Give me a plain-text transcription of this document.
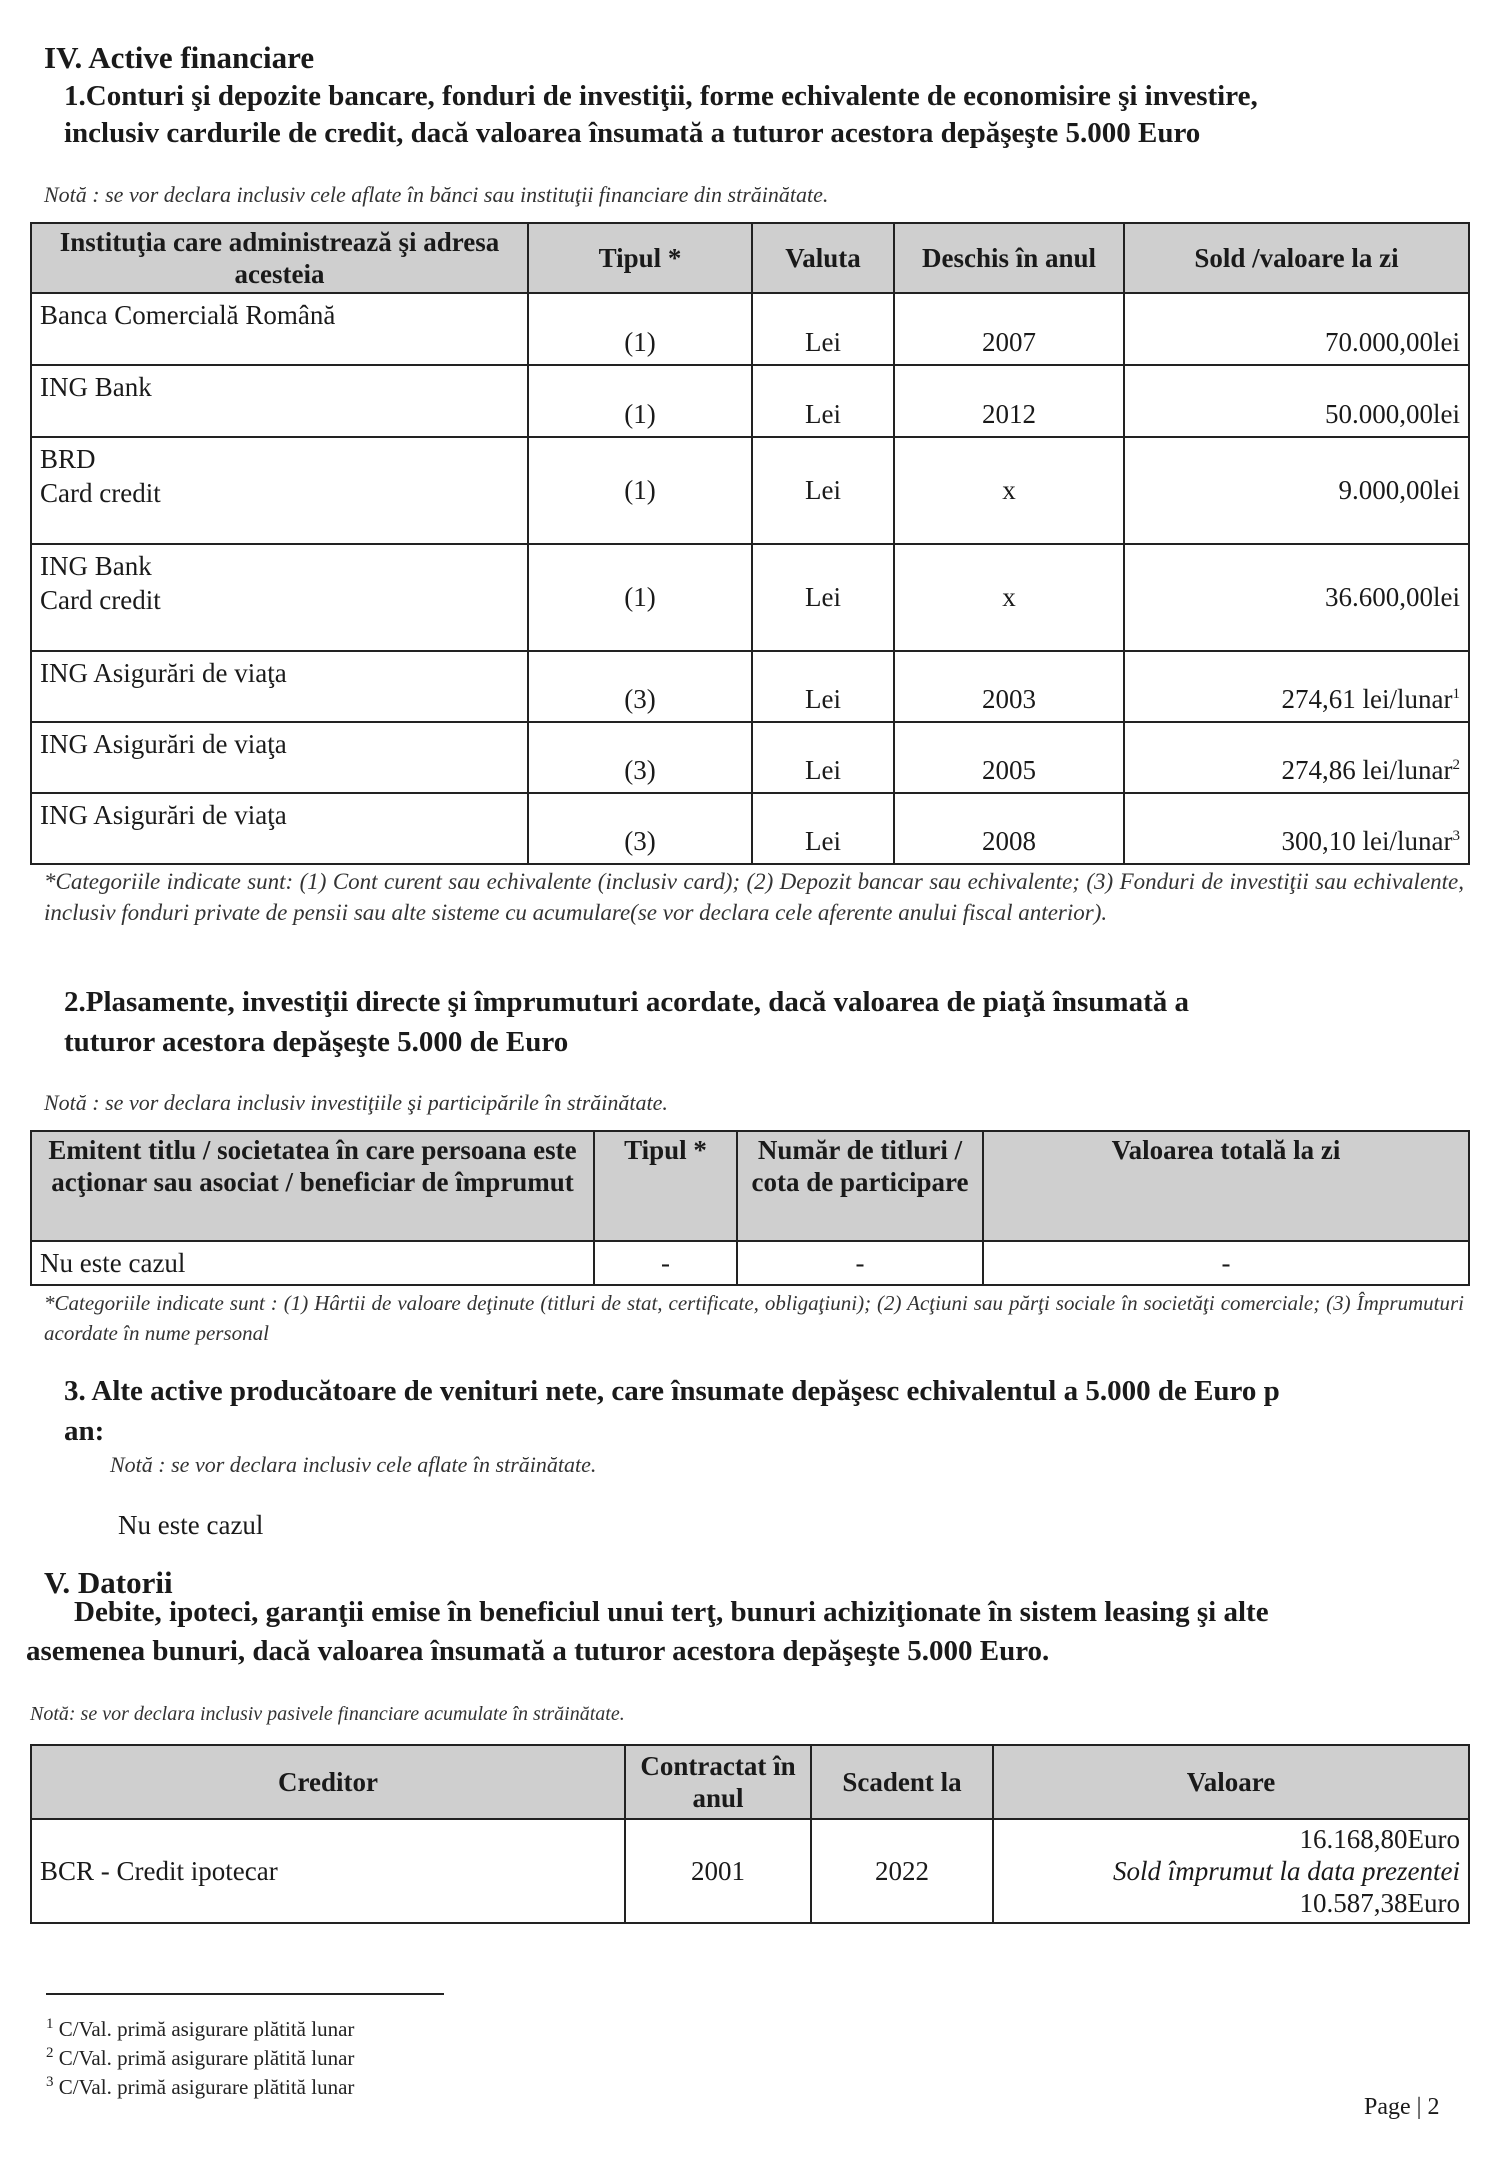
IV. Active financiare
1.Conturi şi depozite bancare, fonduri de investiţii, forme echivalente de economisire şi investire,
inclusiv cardurile de credit, dacă valoarea însumată a tuturor acestora depăşeşte 5.000 Euro
Notă : se vor declara inclusiv cele aflate în bănci sau instituţii financiare din străinătate.
Instituţia care administrează şi adresa acesteia	Tipul *	Valuta	Deschis în anul	Sold /valoare la zi
Banca Comercială Română	(1)	Lei	2007	70.000,00lei
ING Bank	(1)	Lei	2012	50.000,00lei
BRD
Card credit	(1)	Lei	x	9.000,00lei
ING Bank
Card credit	(1)	Lei	x	36.600,00lei
ING Asigurări de viaţa	(3)	Lei	2003	274,61 lei/lunar$^1$
ING Asigurări de viaţa	(3)	Lei	2005	274,86 lei/lunar$^2$
ING Asigurări de viaţa	(3)	Lei	2008	300,10 lei/lunar$^3$
*Categoriile indicate sunt: (1) Cont curent sau echivalente (inclusiv card); (2) Depozit bancar sau echivalente; (3) Fonduri de investiţii sau echivalente, inclusiv fonduri private de pensii sau alte sisteme cu acumulare(se vor declara cele aferente anului fiscal anterior).
2.Plasamente, investiţii directe şi împrumuturi acordate, dacă valoarea de piaţă însumată a
tuturor acestora depăşeşte 5.000 de Euro
Notă : se vor declara inclusiv investiţiile şi participările în străinătate.
Emitent titlu / societatea în care persoana este acţionar sau asociat / beneficiar de împrumut	Tipul *	Număr de titluri / cota de participare	Valoarea totală la zi
Nu este cazul	-	-	-
*Categoriile indicate sunt : (1) Hârtii de valoare deţinute (titluri de stat, certificate, obligaţiuni); (2) Acţiuni sau părţi sociale în societăţi comerciale; (3) Împrumuturi acordate în nume personal
3. Alte active producătoare de venituri nete, care însumate depăşesc echivalentul a 5.000 de Euro p
an:
Notă : se vor declara inclusiv cele aflate în străinătate.
Nu este cazul
V. Datorii
Debite, ipoteci, garanţii emise în beneficiul unui terţ, bunuri achiziţionate în sistem leasing şi alte
asemenea bunuri, dacă valoarea însumată a tuturor acestora depăşeşte 5.000 Euro.
Notă: se vor declara inclusiv pasivele financiare acumulate în străinătate.
Creditor	Contractat în anul	Scadent la	Valoare
BCR - Credit ipotecar	2001	2022	16.168,80Euro
Sold împrumut la data prezentei
10.587,38Euro
$^1$ C/Val. primă asigurare plătită lunar
$^2$ C/Val. primă asigurare plătită lunar
$^3$ C/Val. primă asigurare plătită lunar
Page | 2
